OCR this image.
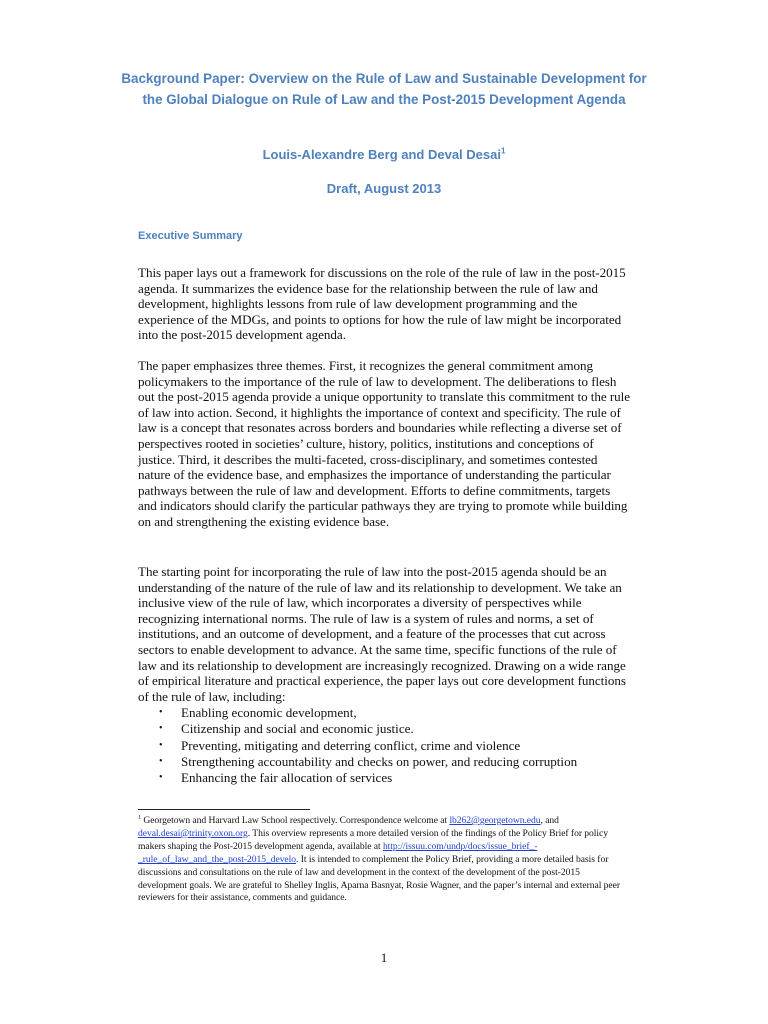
Background Paper: Overview on the Rule of Law and Sustainable Development for
the Global Dialogue on Rule of Law and the Post-2015 Development Agenda
Louis-Alexandre Berg and Deval Desai$^1$
Draft, August 2013
Executive Summary
This paper lays out a framework for discussions on the role of the rule of law in the post-2015 agenda. It summarizes the evidence base for the relationship between the rule of law and development, highlights lessons from rule of law development programming and the experience of the MDGs, and points to options for how the rule of law might be incorporated into the post-2015 development agenda.
The paper emphasizes three themes. First, it recognizes the general commitment among policymakers to the importance of the rule of law to development. The deliberations to flesh out the post-2015 agenda provide a unique opportunity to translate this commitment to the rule of law into action. Second, it highlights the importance of context and specificity. The rule of law is a concept that resonates across borders and boundaries while reflecting a diverse set of perspectives rooted in societies’ culture, history, politics, institutions and conceptions of justice. Third, it describes the multi-faceted, cross-disciplinary, and sometimes contested nature of the evidence base, and emphasizes the importance of understanding the particular pathways between the rule of law and development. Efforts to define commitments, targets and indicators should clarify the particular pathways they are trying to promote while building on and strengthening the existing evidence base.
The starting point for incorporating the rule of law into the post-2015 agenda should be an understanding of the nature of the rule of law and its relationship to development. We take an inclusive view of the rule of law, which incorporates a diversity of perspectives while recognizing international norms. The rule of law is a system of rules and norms, a set of institutions, and an outcome of development, and a feature of the processes that cut across sectors to enable development to advance. At the same time, specific functions of the rule of law and its relationship to development are increasingly recognized. Drawing on a wide range of empirical literature and practical experience, the paper lays out core development functions of the rule of law, including:
• Enabling economic development,
• Citizenship and social and economic justice.
• Preventing, mitigating and deterring conflict, crime and violence
• Strengthening accountability and checks on power, and reducing corruption
• Enhancing the fair allocation of services
$^1$ Georgetown and Harvard Law School respectively. Correspondence welcome at lb262@georgetown.edu, and deval.desai@trinity.oxon.org. This overview represents a more detailed version of the findings of the Policy Brief for policy makers shaping the Post-2015 development agenda, available at http://issuu.com/undp/docs/issue_brief_-_rule_of_law_and_the_post-2015_develo. It is intended to complement the Policy Brief, providing a more detailed basis for discussions and consultations on the rule of law and development in the context of the development of the post-2015 development goals. We are grateful to Shelley Inglis, Aparna Basnyat, Rosie Wagner, and the paper’s internal and external peer reviewers for their assistance, comments and guidance.
1
